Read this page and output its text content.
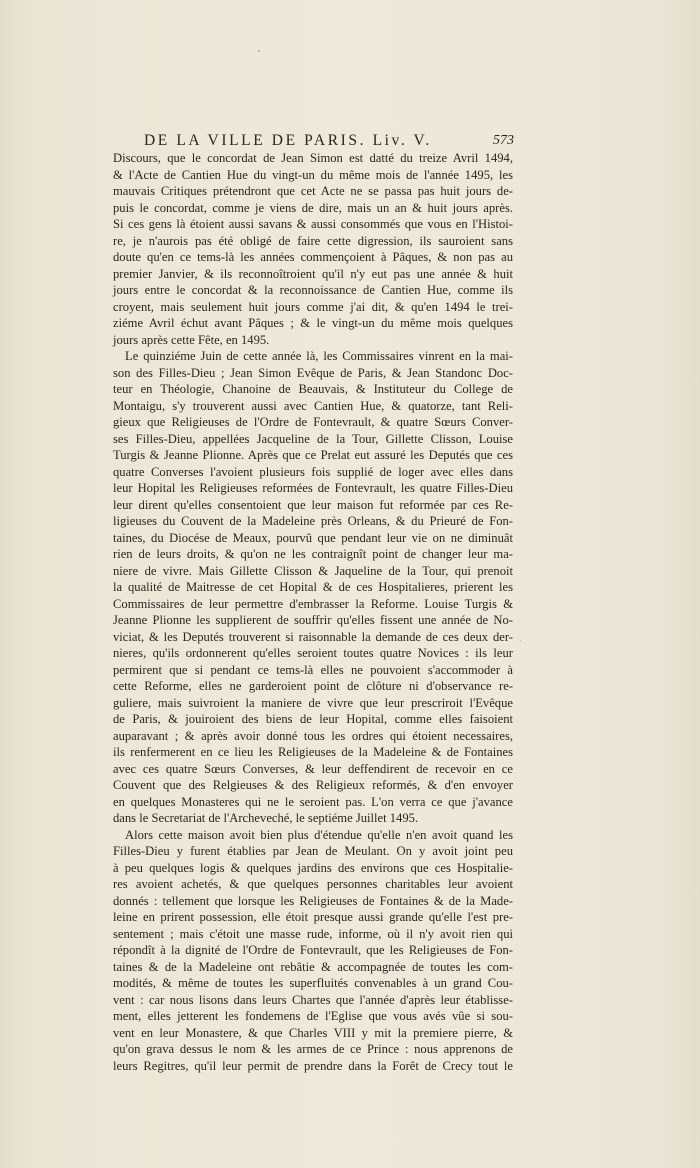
DE LA VILLE DE PARIS. Liv. V.	573
Discours, que le concordat de Jean Simon est datté du treize Avril 1494,
& l'Acte de Cantien Hue du vingt-un du même mois de l'année 1495, les
mauvais Critiques prétendront que cet Acte ne se passa pas huit jours de-
puis le concordat, comme je viens de dire, mais un an & huit jours après.
Si ces gens là étoient aussi savans & aussi consommés que vous en l'Histoi-
re, je n'aurois pas été obligé de faire cette digression, ils sauroient sans
doute qu'en ce tems-là les années commençoient à Pâques, & non pas au
premier Janvier, & ils reconnoîtroient qu'il n'y eut pas une année & huit
jours entre le concordat & la reconnoissance de Cantien Hue, comme ils
croyent, mais seulement huit jours comme j'ai dit, & qu'en 1494 le trei-
ziéme Avril échut avant Pâques ; & le vingt-un du même mois quelques
jours après cette Fête, en 1495.
Le quinziéme Juin de cette année là, les Commissaires vinrent en la mai-
son des Filles-Dieu ; Jean Simon Evêque de Paris, & Jean Standonc Doc-
teur en Théologie, Chanoine de Beauvais, & Instituteur du College de
Montaigu, s'y trouverent aussi avec Cantien Hue, & quatorze, tant Reli-
gieux que Religieuses de l'Ordre de Fontevrault, & quatre Sœurs Conver-
ses Filles-Dieu, appellées Jacqueline de la Tour, Gillette Clisson, Louise
Turgis & Jeanne Plionne. Après que ce Prelat eut assuré les Deputés que ces
quatre Converses l'avoient plusieurs fois supplié de loger avec elles dans
leur Hopital les Religieuses reformées de Fontevrault, les quatre Filles-Dieu
leur dirent qu'elles consentoient que leur maison fut reformée par ces Re-
ligieuses du Couvent de la Madeleine près Orleans, & du Prieuré de Fon-
taines, du Diocése de Meaux, pourvû que pendant leur vie on ne diminuât
rien de leurs droits, & qu'on ne les contraignît point de changer leur ma-
niere de vivre. Mais Gillette Clisson & Jaqueline de la Tour, qui prenoit
la qualité de Maitresse de cet Hopital & de ces Hospitalieres, prierent les
Commissaires de leur permettre d'embrasser la Reforme. Louise Turgis &
Jeanne Plionne les supplierent de souffrir qu'elles fissent une année de No-
viciat, & les Deputés trouverent si raisonnable la demande de ces deux der-
nieres, qu'ils ordonnerent qu'elles seroient toutes quatre Novices : ils leur
permirent que si pendant ce tems-là elles ne pouvoient s'accommoder à
cette Reforme, elles ne garderoient point de clôture ni d'observance re-
guliere, mais suivroient la maniere de vivre que leur prescriroit l'Evêque
de Paris, & jouiroient des biens de leur Hopital, comme elles faisoient
auparavant ; & après avoir donné tous les ordres qui étoient necessaires,
ils renfermerent en ce lieu les Religieuses de la Madeleine & de Fontaines
avec ces quatre Sœurs Converses, & leur deffendirent de recevoir en ce
Couvent que des Relgieuses & des Religieux reformés, & d'en envoyer
en quelques Monasteres qui ne le seroient pas. L'on verra ce que j'avance
dans le Secretariat de l'Archeveché, le septiéme Juillet 1495.
Alors cette maison avoit bien plus d'étendue qu'elle n'en avoit quand les
Filles-Dieu y furent établies par Jean de Meulant. On y avoit joint peu
à peu quelques logis & quelques jardins des environs que ces Hospitalie-
res avoient achetés, & que quelques personnes charitables leur avoient
donnés : tellement que lorsque les Religieuses de Fontaines & de la Made-
leine en prirent possession, elle étoit presque aussi grande qu'elle l'est pre-
sentement ; mais c'étoit une masse rude, informe, où il n'y avoit rien qui
répondît à la dignité de l'Ordre de Fontevrault, que les Religieuses de Fon-
taines & de la Madeleine ont rebâtie & accompagnée de toutes les com-
modités, & même de toutes les superfluités convenables à un grand Cou-
vent : car nous lisons dans leurs Chartes que l'année d'après leur établisse-
ment, elles jetterent les fondemens de l'Eglise que vous avés vûe si sou-
vent en leur Monastere, & que Charles VIII y mit la premiere pierre, &
qu'on grava dessus le nom & les armes de ce Prince : nous apprenons de
leurs Regitres, qu'il leur permit de prendre dans la Forêt de Crecy tout le
